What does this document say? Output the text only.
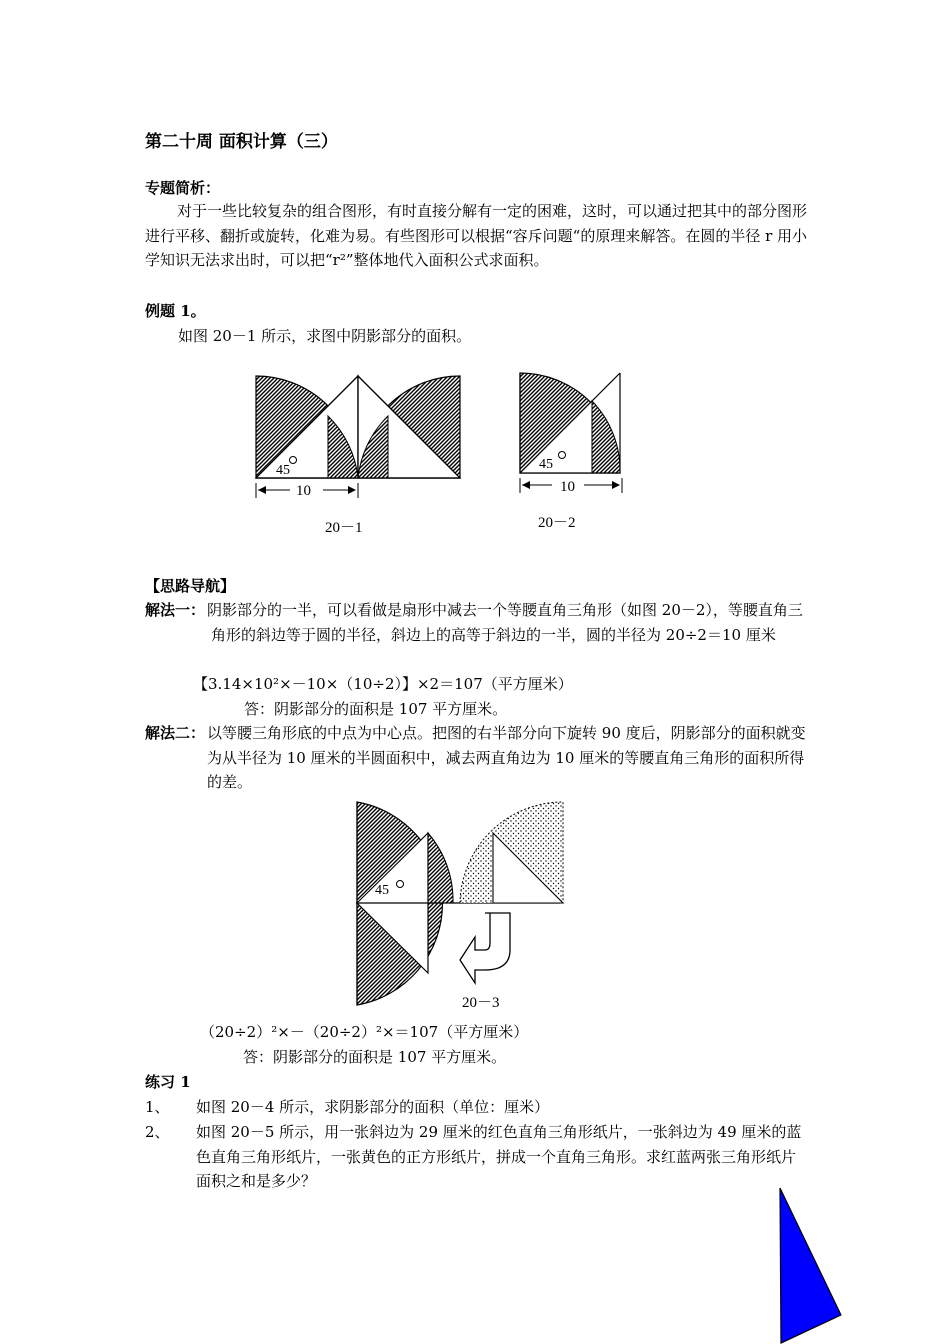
第二十周 面积计算（三）
专题简析：
对于一些比较复杂的组合图形，有时直接分解有一定的困难，这时，可以通过把其中的部分图形进行平移、翻折或旋转，化难为易。有些图形可以根据“容斥问题“的原理来解答。在圆的半径 r 用小学知识无法求出时，可以把“r²”整体地代入面积公式求面积。
例题 1。
如图 20－1 所示，求图中阴影部分的面积。
45
10
20－1
45
10
20－2
【思路导航】
解法一： 阴影部分的一半，可以看做是扇形中减去一个等腰直角三角形（如图 20－2），等腰直角三角形的斜边等于圆的半径，斜边上的高等于斜边的一半，圆的半径为 20÷2＝10 厘米
【3.14×10²×－10×（10÷2）】×2＝107（平方厘米）
答：阴影部分的面积是 107 平方厘米。
解法二： 以等腰三角形底的中点为中心点。把图的右半部分向下旋转 90 度后，阴影部分的面积就变为从半径为 10 厘米的半圆面积中，减去两直角边为 10 厘米的等腰直角三角形的面积所得的差。
45
20－3
（20÷2）²×－（20÷2）²×＝107（平方厘米）
答：阴影部分的面积是 107 平方厘米。
练习 1
1、 如图 20－4 所示，求阴影部分的面积（单位：厘米）
2、 如图 20－5 所示，用一张斜边为 29 厘米的红色直角三角形纸片，一张斜边为 49 厘米的蓝色直角三角形纸片，一张黄色的正方形纸片，拼成一个直角三角形。求红蓝两张三角形纸片面积之和是多少？
